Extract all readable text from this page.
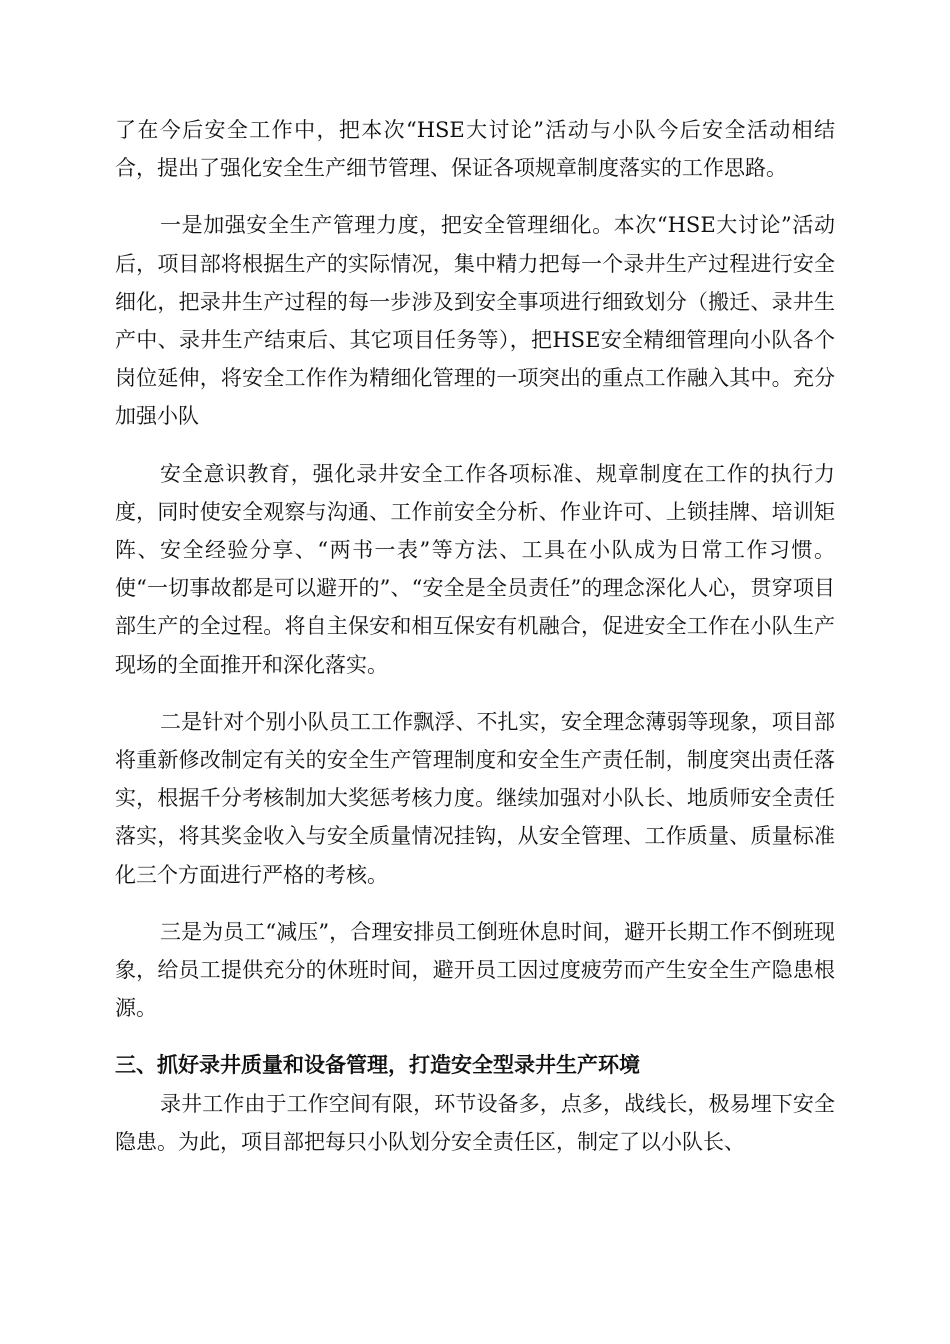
了在今后安全工作中，把本次“HSE大讨论”活动与小队今后安全活动相结合，提出了强化安全生产细节管理、保证各项规章制度落实的工作思路。

一是加强安全生产管理力度，把安全管理细化。本次“HSE大讨论”活动后，项目部将根据生产的实际情况，集中精力把每一个录井生产过程进行安全细化，把录井生产过程的每一步涉及到安全事项进行细致划分（搬迁、录井生产中、录井生产结束后、其它项目任务等），把HSE安全精细管理向小队各个岗位延伸，将安全工作作为精细化管理的一项突出的重点工作融入其中。充分加强小队

安全意识教育，强化录井安全工作各项标准、规章制度在工作的执行力度，同时使安全观察与沟通、工作前安全分析、作业许可、上锁挂牌、培训矩阵、安全经验分享、“两书一表”等方法、工具在小队成为日常工作习惯。使“一切事故都是可以避开的”、“安全是全员责任”的理念深化人心，贯穿项目部生产的全过程。将自主保安和相互保安有机融合，促进安全工作在小队生产现场的全面推开和深化落实。

二是针对个别小队员工工作飘浮、不扎实，安全理念薄弱等现象，项目部将重新修改制定有关的安全生产管理制度和安全生产责任制，制度突出责任落实，根据千分考核制加大奖惩考核力度。继续加强对小队长、地质师安全责任落实，将其奖金收入与安全质量情况挂钩，从安全管理、工作质量、质量标准化三个方面进行严格的考核。

三是为员工“减压”，合理安排员工倒班休息时间，避开长期工作不倒班现象，给员工提供充分的休班时间，避开员工因过度疲劳而产生安全生产隐患根源。

三、抓好录井质量和设备管理，打造安全型录井生产环境

录井工作由于工作空间有限，环节设备多，点多，战线长，极易埋下安全隐患。为此，项目部把每只小队划分安全责任区，制定了以小队长、
